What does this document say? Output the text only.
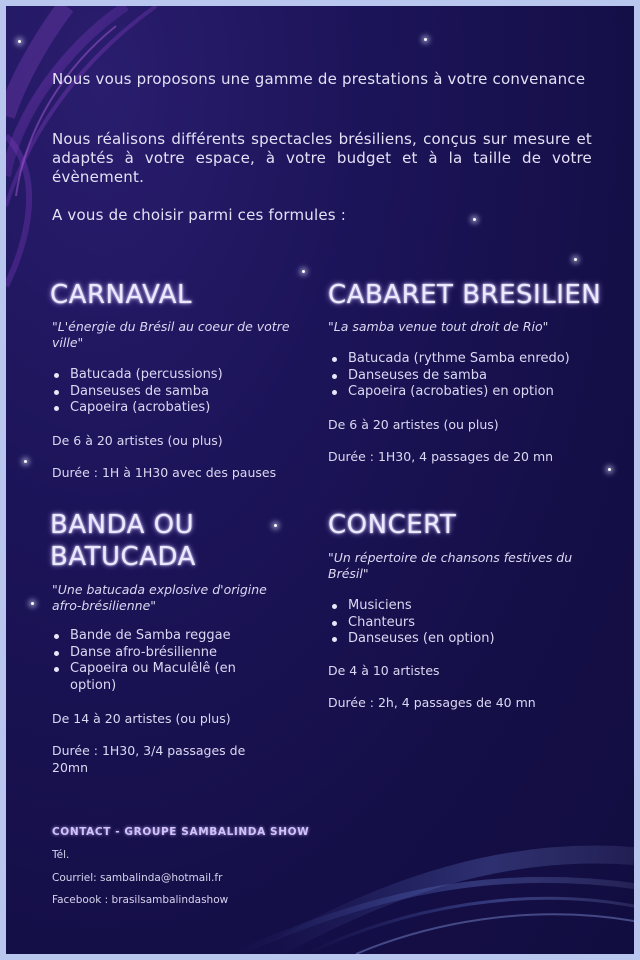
Nous vous proposons une gamme de prestations à votre convenance
Nous réalisons différents spectacles brésiliens, conçus sur mesure et adaptés à votre espace, à votre budget et à la taille de votre évènement.
A vous de choisir parmi ces formules :
CARNAVAL
"L'énergie du Brésil au coeur de votre ville"
Batucada (percussions)
Danseuses de samba
Capoeira (acrobaties)
De 6 à 20 artistes (ou plus)
Durée : 1H à 1H30 avec des pauses
CABARET BRESILIEN
"La samba venue tout droit de Rio"
Batucada (rythme Samba enredo)
Danseuses de samba
Capoeira (acrobaties) en option
De 6 à 20 artistes (ou plus)
Durée : 1H30, 4 passages de 20 mn
BANDA OU
BATUCADA
"Une batucada explosive d'origine afro-brésilienne"
Bande de Samba reggae
Danse afro-brésilienne
Capoeira ou Maculêlê (en option)
De 14 à 20 artistes (ou plus)
Durée : 1H30, 3/4 passages de 20mn
CONCERT
"Un répertoire de chansons festives du Brésil"
Musiciens
Chanteurs
Danseuses (en option)
De 4 à 10 artistes
Durée : 2h, 4 passages de 40 mn
CONTACT - GROUPE SAMBALINDA SHOW
Tél.
Courriel: sambalinda@hotmail.fr
Facebook : brasilsambalindashow
